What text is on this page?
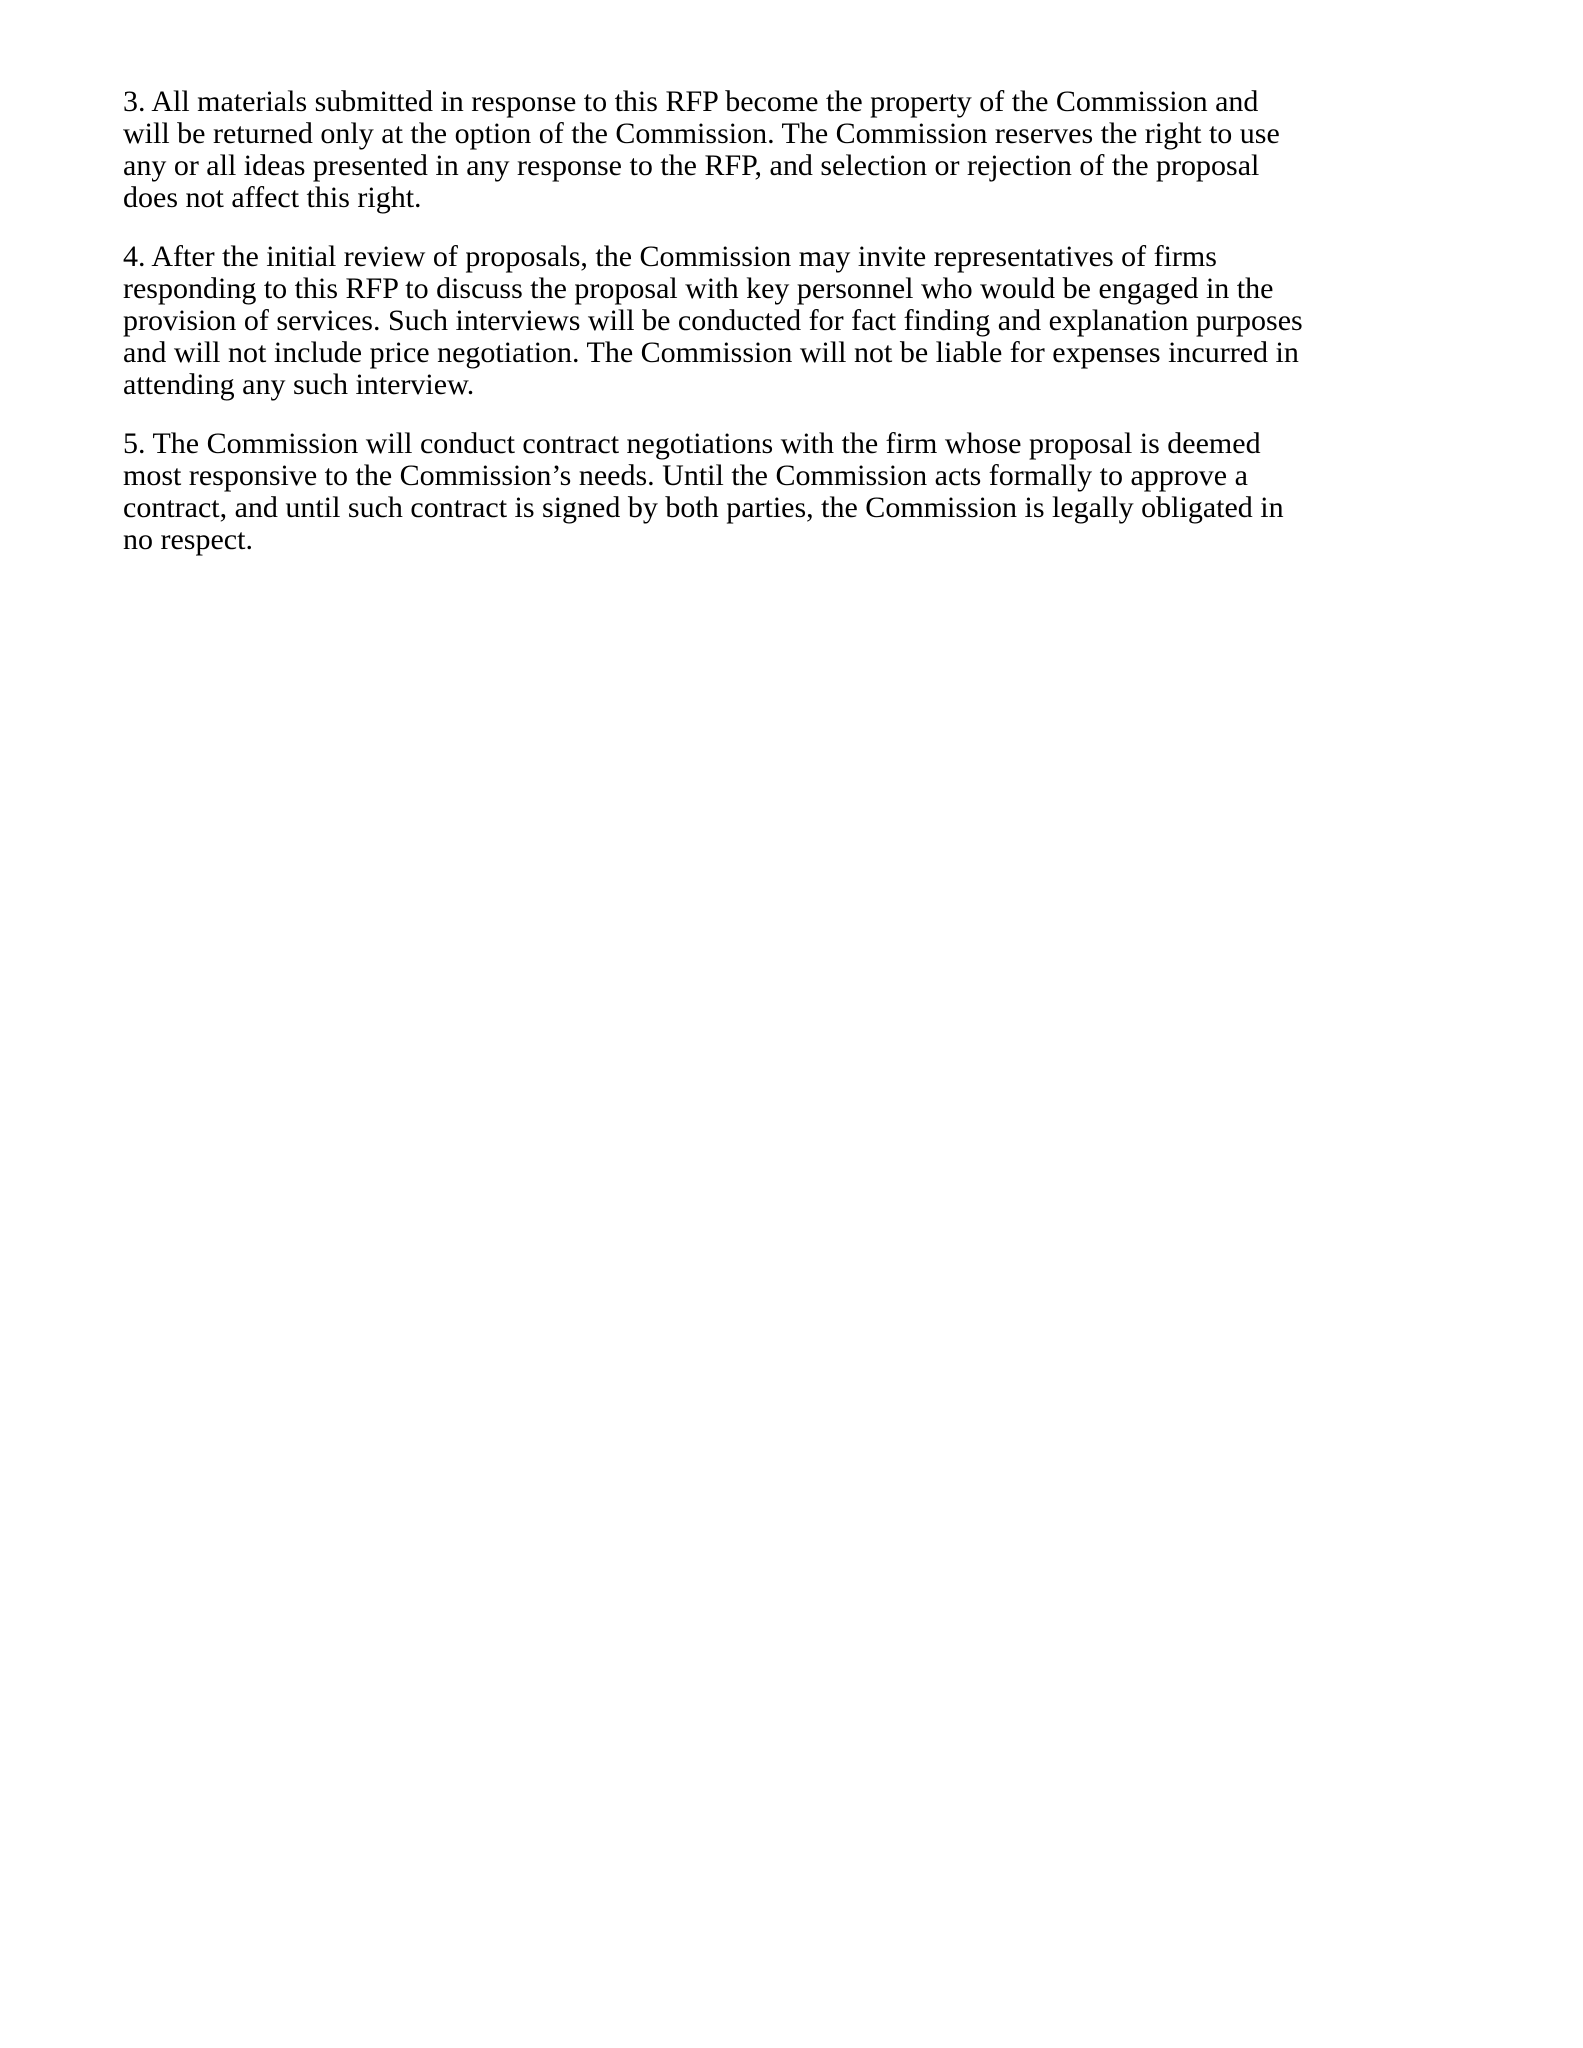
3. All materials submitted in response to this RFP become the property of the Commission and
will be returned only at the option of the Commission. The Commission reserves the right to use
any or all ideas presented in any response to the RFP, and selection or rejection of the proposal
does not affect this right.
4. After the initial review of proposals, the Commission may invite representatives of firms
responding to this RFP to discuss the proposal with key personnel who would be engaged in the
provision of services. Such interviews will be conducted for fact finding and explanation purposes
and will not include price negotiation. The Commission will not be liable for expenses incurred in
attending any such interview.
5. The Commission will conduct contract negotiations with the firm whose proposal is deemed
most responsive to the Commission’s needs. Until the Commission acts formally to approve a
contract, and until such contract is signed by both parties, the Commission is legally obligated in
no respect.
